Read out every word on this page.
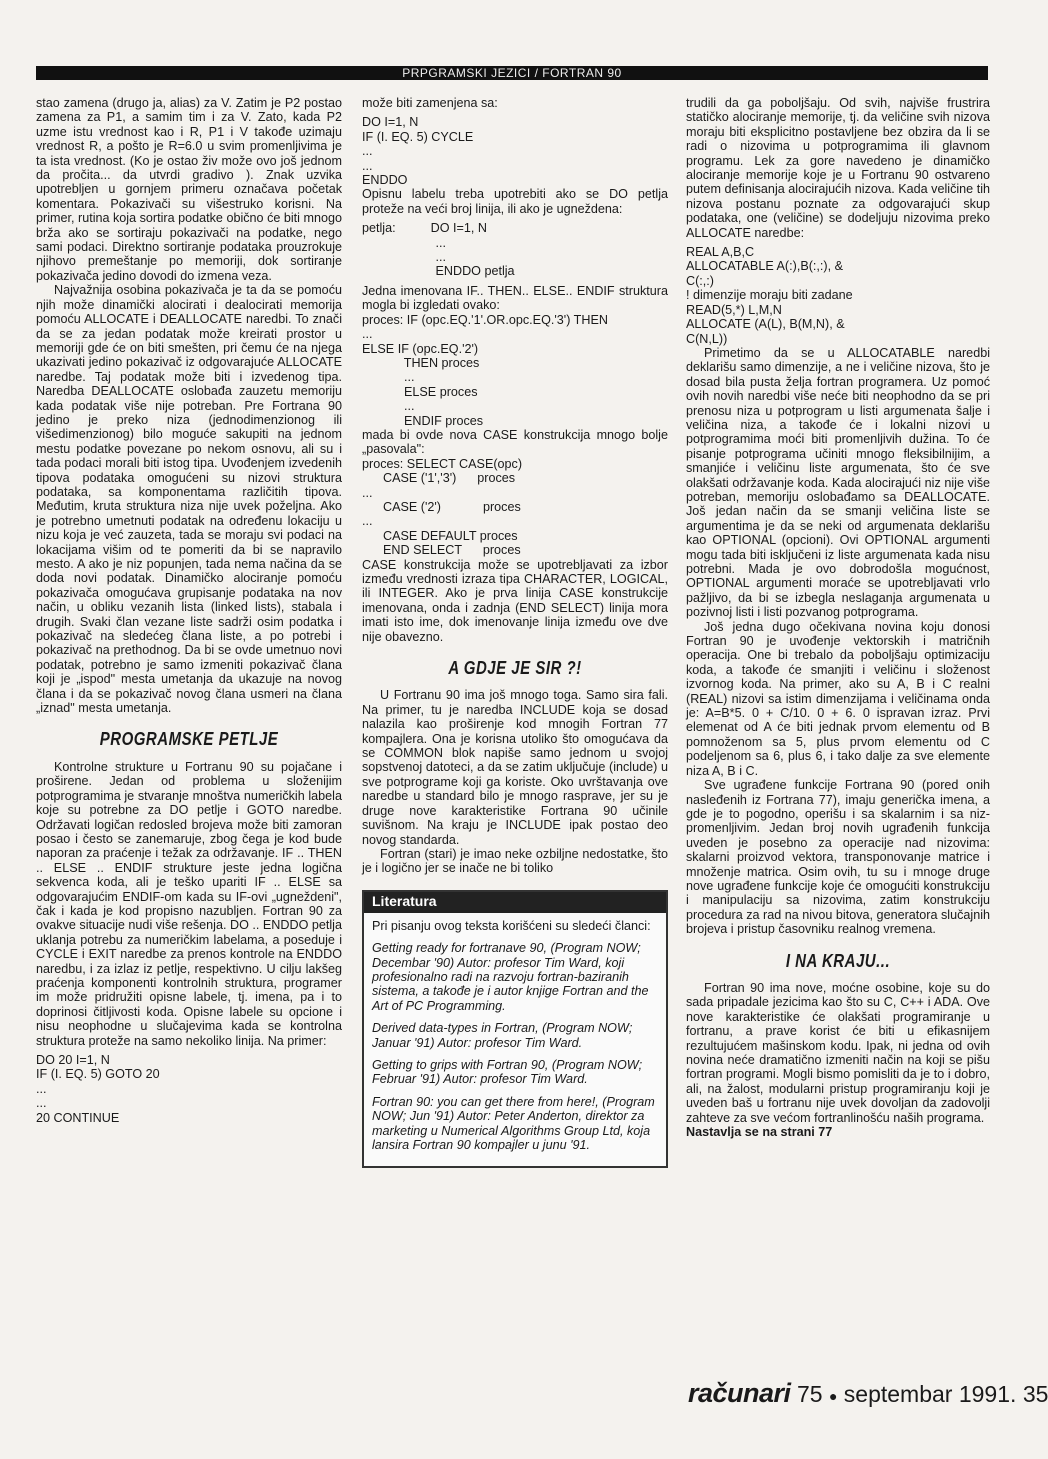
PRPGRAMSKI JEZICI / FORTRAN 90

stao zamena (drugo ja, alias) za V. Zatim je P2 postao zamena za P1, a samim tim i za V. Zato, kada P2 uzme istu vrednost kao i R, P1 i V takođe uzimaju vrednost R, a pošto je R=6.0 u svim promenljivima je ta ista vrednost. (Ko je ostao živ može ovo još jednom da pročita... da utvrdi gradivo ). Znak uzvika upotrebljen u gornjem primeru označava početak komentara. Pokazivači su višestruko korisni. Na primer, rutina koja sortira podatke obično će biti mnogo brža ako se sortiraju pokazivači na podatke, nego sami podaci. Direktno sortiranje podataka prouzrokuje njihovo premeštanje po memoriji, dok sortiranje pokazivača jedino dovodi do izmena veza.

Najvažnija osobina pokazivača je ta da se pomoću njih može dinamički alocirati i dealocirati memorija pomoću ALLOCATE i DEALLOCATE naredbi. To znači da se za jedan podatak može kreirati prostor u memoriji gde će on biti smešten, pri čemu će na njega ukazivati jedino pokazivač iz odgovarajuće ALLOCATE naredbe. Taj podatak može biti i izvedenog tipa. Naredba DEALLOCATE oslobađa zauzetu memoriju kada podatak više nije potreban. Pre Fortrana 90 jedino je preko niza (jednodimenzionog ili višedimenzionog) bilo moguće sakupiti na jednom mestu podatke povezane po nekom osnovu, ali su i tada podaci morali biti istog tipa. Uvođenjem izvedenih tipova podataka omogućeni su nizovi struktura podataka, sa komponentama različitih tipova. Međutim, kruta struktura niza nije uvek poželjna. Ako je potrebno umetnuti podatak na određenu lokaciju u nizu koja je već zauzeta, tada se moraju svi podaci na lokacijama višim od te pomeriti da bi se napravilo mesto. A ako je niz popunjen, tada nema načina da se doda novi podatak. Dinamičko alociranje pomoću pokazivača omogućava grupisanje podataka na nov način, u obliku vezanih lista (linked lists), stabala i drugih. Svaki član vezane liste sadrži osim podatka i pokazivač na sledećeg člana liste, a po potrebi i pokazivač na prethodnog. Da bi se ovde umetnuo novi podatak, potrebno je samo izmeniti pokazivač člana koji je „ispod" mesta umetanja da ukazuje na novog člana i da se pokazivač novog člana usmeri na člana „iznad" mesta umetanja.

PROGRAMSKE PETLJE

Kontrolne strukture u Fortranu 90 su pojačane i proširene. Jedan od problema u složenijim potprogramima je stvaranje mnoštva numeričkih labela koje su potrebne za DO petlje i GOTO naredbe. Održavati logičan redosled brojeva može biti zamoran posao i često se zanemaruje, zbog čega je kod bude naporan za praćenje i težak za održavanje. IF .. THEN .. ELSE .. ENDIF strukture jeste jedna logična sekvenca koda, ali je teško upariti IF .. ELSE sa odgovarajućim ENDIF-om kada su IF-ovi „ugneždeni", čak i kada je kod propisno nazubljen. Fortran 90 za ovakve situacije nudi više rešenja. DO .. ENDDO petlja uklanja potrebu za numeričkim labelama, a poseduje i CYCLE i EXIT naredbe za prenos kontrole na ENDDO naredbu, i za izlaz iz petlje, respektivno. U cilju lakšeg praćenja komponenti kontrolnih struktura, programer im može pridružiti opisne labele, tj. imena, pa i to doprinosi čitljivosti koda. Opisne labele su opcione i nisu neophodne u slučajevima kada se kontrolna struktura proteže na samo nekoliko linija. Na primer:

DO 20 I=1, N
IF (I. EQ. 5) GOTO 20
...
...
20 CONTINUE

može biti zamenjena sa:

DO I=1, N
IF (I. EQ. 5) CYCLE
...
...
ENDDO

Opisnu labelu treba upotrebiti ako se DO petlja proteže na veći broj linija, ili ako je ugneždena:

petlja:          DO I=1, N
...
...
ENDDO petlja

Jedna imenovana IF.. THEN.. ELSE.. ENDIF struktura mogla bi izgledati ovako:

proces: IF (opc.EQ.'1'.OR.opc.EQ.'3') THEN
...
ELSE IF (opc.EQ.'2')
THEN proces
...
ELSE proces
...
ENDIF proces

mada bi ovde nova CASE konstrukcija mnogo bolje „pasovala":

proces: SELECT CASE(opc)
CASE ('1','3')      proces
...
CASE ('2')            proces
...
CASE DEFAULT proces
END SELECT      proces

CASE konstrukcija može se upotrebljavati za izbor između vrednosti izraza tipa CHARACTER, LOGICAL, ili INTEGER. Ako je prva linija CASE konstrukcije imenovana, onda i zadnja (END SELECT) linija mora imati isto ime, dok imenovanje linija između ove dve nije obavezno.

A GDJE JE SIR ?!

U Fortranu 90 ima još mnogo toga. Samo sira fali. Na primer, tu je naredba INCLUDE koja se dosad nalazila kao proširenje kod mnogih Fortran 77 kompajlera. Ona je korisna utoliko što omogućava da se COMMON blok napiše samo jednom u svojoj sopstvenoj datoteci, a da se zatim uključuje (include) u sve potprograme koji ga koriste. Oko uvrštavanja ove naredbe u standard bilo je mnogo rasprave, jer su je druge nove karakteristike Fortrana 90 učinile suvišnom. Na kraju je INCLUDE ipak postao deo novog standarda.

Fortran (stari) je imao neke ozbiljne nedostatke, što je i logično jer se inače ne bi toliko

Literatura

Pri pisanju ovog teksta korišćeni su sledeći članci:

Getting ready for fortranave 90, (Program NOW; Decembar '90) Autor: profesor Tim Ward, koji profesionalno radi na razvoju fortran-baziranih sistema, a takođe je i autor knjige Fortran and the Art of PC Programming.

Derived data-types in Fortran, (Program NOW; Januar '91) Autor: profesor Tim Ward.

Getting to grips with Fortran 90, (Program NOW; Februar '91) Autor: profesor Tim Ward.

Fortran 90: you can get there from here!, (Program NOW; Jun '91) Autor: Peter Anderton, direktor za marketing u Numerical Algorithms Group Ltd, koja lansira Fortran 90 kompajler u junu '91.

trudili da ga poboljšaju. Od svih, najviše frustrira statičko alociranje memorije, tj. da veličine svih nizova moraju biti eksplicitno postavljene bez obzira da li se radi o nizovima u potprogramima ili glavnom programu. Lek za gore navedeno je dinamičko alociranje memorije koje je u Fortranu 90 ostvareno putem definisanja alocirajućih nizova. Kada veličine tih nizova postanu poznate za odgovarajući skup podataka, one (veličine) se dodeljuju nizovima preko ALLOCATE naredbe:

REAL A,B,C
ALLOCATABLE A(:),B(:,:), &
C(:,:)
! dimenzije moraju biti zadane
READ(5,*) L,M,N
ALLOCATE (A(L), B(M,N), &
C(N,L))

Primetimo da se u ALLOCATABLE naredbi deklarišu samo dimenzije, a ne i veličine nizova, što je dosad bila pusta želja fortran programera. Uz pomoć ovih novih naredbi više neće biti neophodno da se pri prenosu niza u potprogram u listi argumenata šalje i veličina niza, a takođe će i lokalni nizovi u potprogramima moći biti promenljivih dužina. To će pisanje potprograma učiniti mnogo fleksibilnijim, a smanjiće i veličinu liste argumenata, što će sve olakšati održavanje koda. Kada alocirajući niz nije više potreban, memoriju oslobađamo sa DEALLOCATE. Još jedan način da se smanji veličina liste se argumentima je da se neki od argumenata deklarišu kao OPTIONAL (opcioni). Ovi OPTIONAL argumenti mogu tada biti isključeni iz liste argumenata kada nisu potrebni. Mada je ovo dobrodošla mogućnost, OPTIONAL argumenti moraće se upotrebljavati vrlo pažljivo, da bi se izbegla neslaganja argumenata u pozivnoj listi i listi pozvanog potprograma.

Još jedna dugo očekivana novina koju donosi Fortran 90 je uvođenje vektorskih i matričnih operacija. One bi trebalo da poboljšaju optimizaciju koda, a takođe će smanjiti i veličinu i složenost izvornog koda. Na primer, ako su A, B i C realni (REAL) nizovi sa istim dimenzijama i veličinama onda je: A=B*5. 0 + C/10. 0 + 6. 0 ispravan izraz. Prvi elemenat od A će biti jednak prvom elementu od B pomnoženom sa 5, plus prvom elementu od C podeljenom sa 6, plus 6, i tako dalje za sve elemente niza A, B i C.

Sve ugrađene funkcije Fortrana 90 (pored onih nasleđenih iz Fortrana 77), imaju generička imena, a gde je to pogodno, operišu i sa skalarnim i sa niz-promenljivim. Jedan broj novih ugrađenih funkcija uveden je posebno za operacije nad nizovima: skalarni proizvod vektora, transponovanje matrice i množenje matrica. Osim ovih, tu su i mnoge druge nove ugrađene funkcije koje će omogućiti konstrukciju i manipulaciju sa nizovima, zatim konstrukciju procedura za rad na nivou bitova, generatora slučajnih brojeva i pristup časovniku realnog vremena.

I NA KRAJU...

Fortran 90 ima nove, moćne osobine, koje su do sada pripadale jezicima kao što su C, C++ i ADA. Ove nove karakteristike će olakšati programiranje u fortranu, a prave korist će biti u efikasnijem rezultujućem mašinskom kodu. Ipak, ni jedna od ovih novina neće dramatično izmeniti način na koji se pišu fortran programi. Mogli bismo pomisliti da je to i dobro, ali, na žalost, modularni pristup programiranju koji je uveden baš u fortranu nije uvek dovoljan da zadovolji zahteve za sve većom fortranlinošću naših programa.

Nastavlja se na strani 77

računari 75 ● septembar 1991. 35
